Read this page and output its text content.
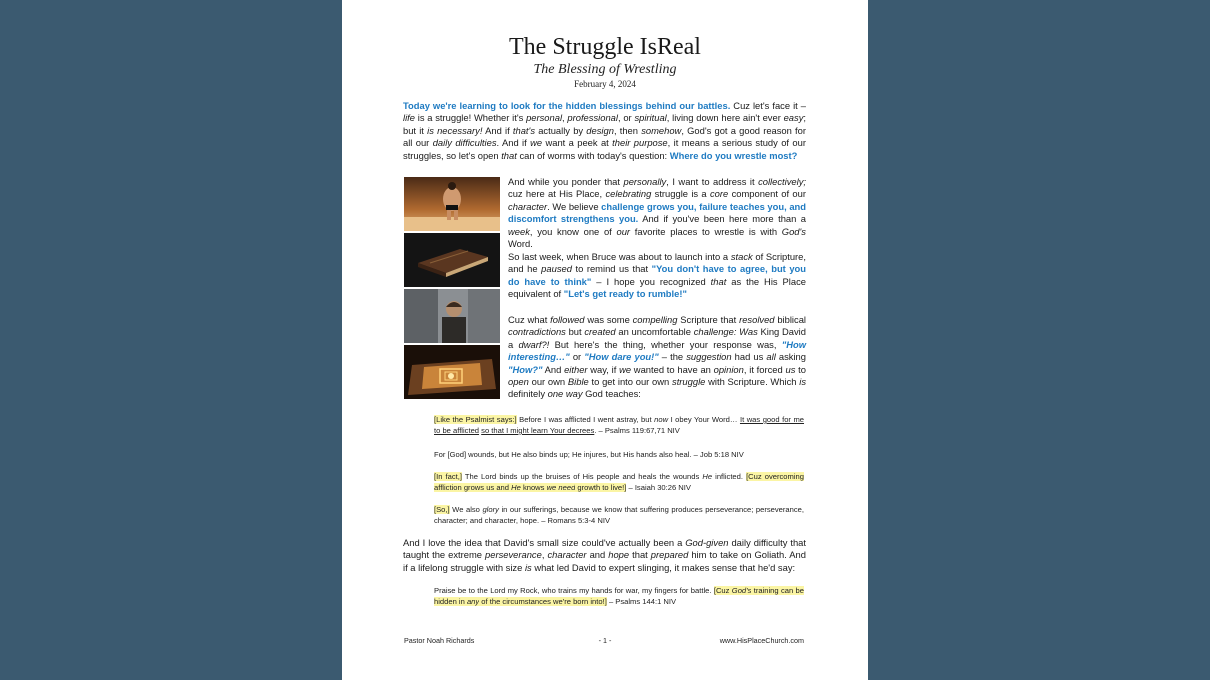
The Struggle IsReal
The Blessing of Wrestling
February 4, 2024

Today we're learning to look for the hidden blessings behind our battles. Cuz let's face it – life is a struggle! Whether it's personal, professional, or spiritual, living down here ain't ever easy; but it is necessary! And if that's actually by design, then somehow, God's got a good reason for all our daily difficulties. And if we want a peek at their purpose, it means a serious study of our struggles, so let's open that can of worms with today's question: Where do you wrestle most?

And while you ponder that personally, I want to address it collectively; cuz here at His Place, celebrating struggle is a core component of our character. We believe challenge grows you, failure teaches you, and discomfort strengthens you. And if you've been here more than a week, you know one of our favorite places to wrestle is with God's Word.

So last week, when Bruce was about to launch into a stack of Scripture, and he paused to remind us that "You don't have to agree, but you do have to think" – I hope you recognized that as the His Place equivalent of "Let's get ready to rumble!"

Cuz what followed was some compelling Scripture that resolved biblical contradictions but created an uncomfortable challenge: Was King David a dwarf?! But here's the thing, whether your response was, "How interesting…" or "How dare you!" – the suggestion had us all asking "How?" And either way, if we wanted to have an opinion, it forced us to open our own Bible to get into our own struggle with Scripture. Which is definitely one way God teaches:

[Like the Psalmist says:] Before I was afflicted I went astray, but now I obey Your Word… It was good for me to be afflicted so that I might learn Your decrees. – Psalms 119:67,71 NIV

For [God] wounds, but He also binds up; He injures, but His hands also heal. – Job 5:18 NIV

[In fact,] The Lord binds up the bruises of His people and heals the wounds He inflicted. [Cuz overcoming affliction grows us and He knows we need growth to live!] – Isaiah 30:26 NIV

[So,] We also glory in our sufferings, because we know that suffering produces perseverance; perseverance, character; and character, hope. – Romans 5:3-4 NIV

And I love the idea that David's small size could've actually been a God-given daily difficulty that taught the extreme perseverance, character and hope that prepared him to take on Goliath. And if a lifelong struggle with size is what led David to expert slinging, it makes sense that he'd say:

Praise be to the Lord my Rock, who trains my hands for war, my fingers for battle. [Cuz God's training can be hidden in any of the circumstances we're born into!] – Psalms 144:1 NIV

Pastor Noah Richards	- 1 -	www.HisPlaceChurch.com
